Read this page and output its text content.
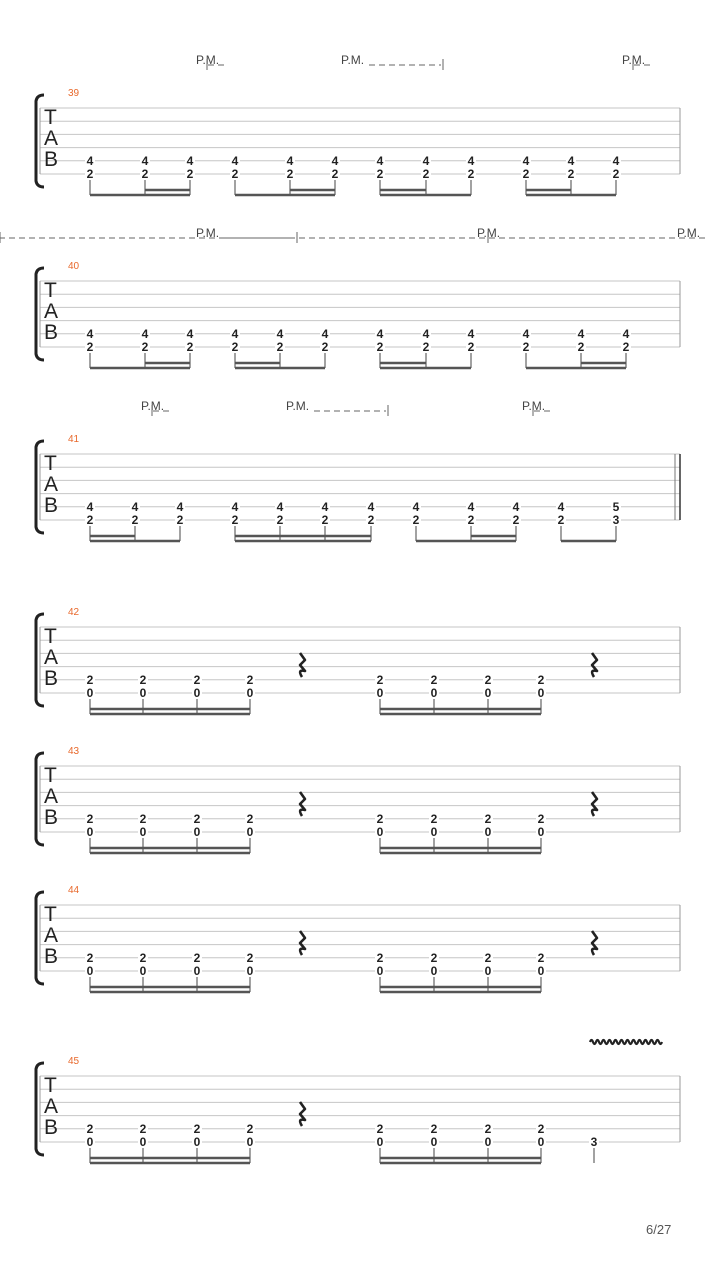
T
A
B
39
P.M.	P.M.	P.M.
4
2
4
2
4
2
4
2
4
2
4
2
4
2
4
2
4
2
4
2
4
2
4
2
T
A
B
40
P.M.	P.M.	P.M.
4
2
4
2
4
2
4
2
4
2
4
2
4
2
4
2
4
2
4
2
4
2
4
2
T
A
B
41
P.M.	P.M.	P.M.
4
2
4
2
4
2
4
2
4
2
4
2
4
2
4
2
4
2
4
2
4
2
5
3
T
A
B
42
2
0
2
0
2
0
2
0
2
0
2
0
2
0
2
0
T
A
B
43
2
0
2
0
2
0
2
0
2
0
2
0
2
0
2
0
T
A
B
44
2
0
2
0
2
0
2
0
2
0
2
0
2
0
2
0
T
A
B
45
2
0
2
0
2
0
2
0
2
0
2
0
2
0
2
0	3
6/27
